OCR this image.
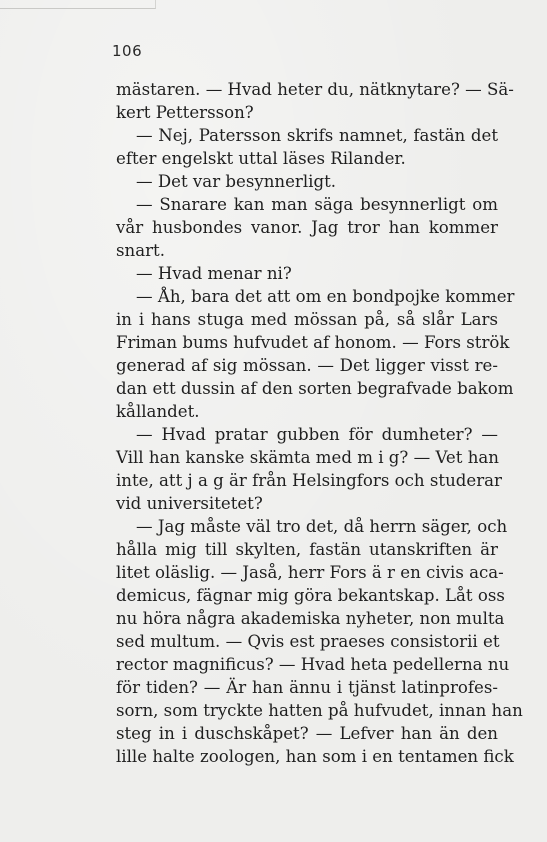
106
mästaren. — Hvad heter du, nätknytare? — Sä-
kert Pettersson?
— Nej, Patersson skrifs namnet, fastän det
efter engelskt uttal läses Rilander.
— Det var besynnerligt.
— Snarare kan man säga besynnerligt om
vår husbondes vanor. Jag tror han kommer
snart.
— Hvad menar ni?
— Åh, bara det att om en bondpojke kommer
in i hans stuga med mössan på, så slår Lars
Friman bums hufvudet af honom. — Fors strök
generad af sig mössan. — Det ligger visst re-
dan ett dussin af den sorten begrafvade bakom
kållandet.
— Hvad pratar gubben för dumheter? —
Vill han kanske skämta med m i g? — Vet han
inte, att j a g är från Helsingfors och studerar
vid universitetet?
— Jag måste väl tro det, då herrn säger, och
hålla mig till skylten, fastän utanskriften är
litet oläslig. — Jaså, herr Fors ä r en civis aca-
demicus, fägnar mig göra bekantskap. Låt oss
nu höra några akademiska nyheter, non multa
sed multum. — Qvis est praeses consistorii et
rector magnificus? — Hvad heta pedellerna nu
för tiden? — Är han ännu i tjänst latinprofes-
sorn, som tryckte hatten på hufvudet, innan han
steg in i duschskåpet? — Lefver han än den
lille halte zoologen, han som i en tentamen fick
